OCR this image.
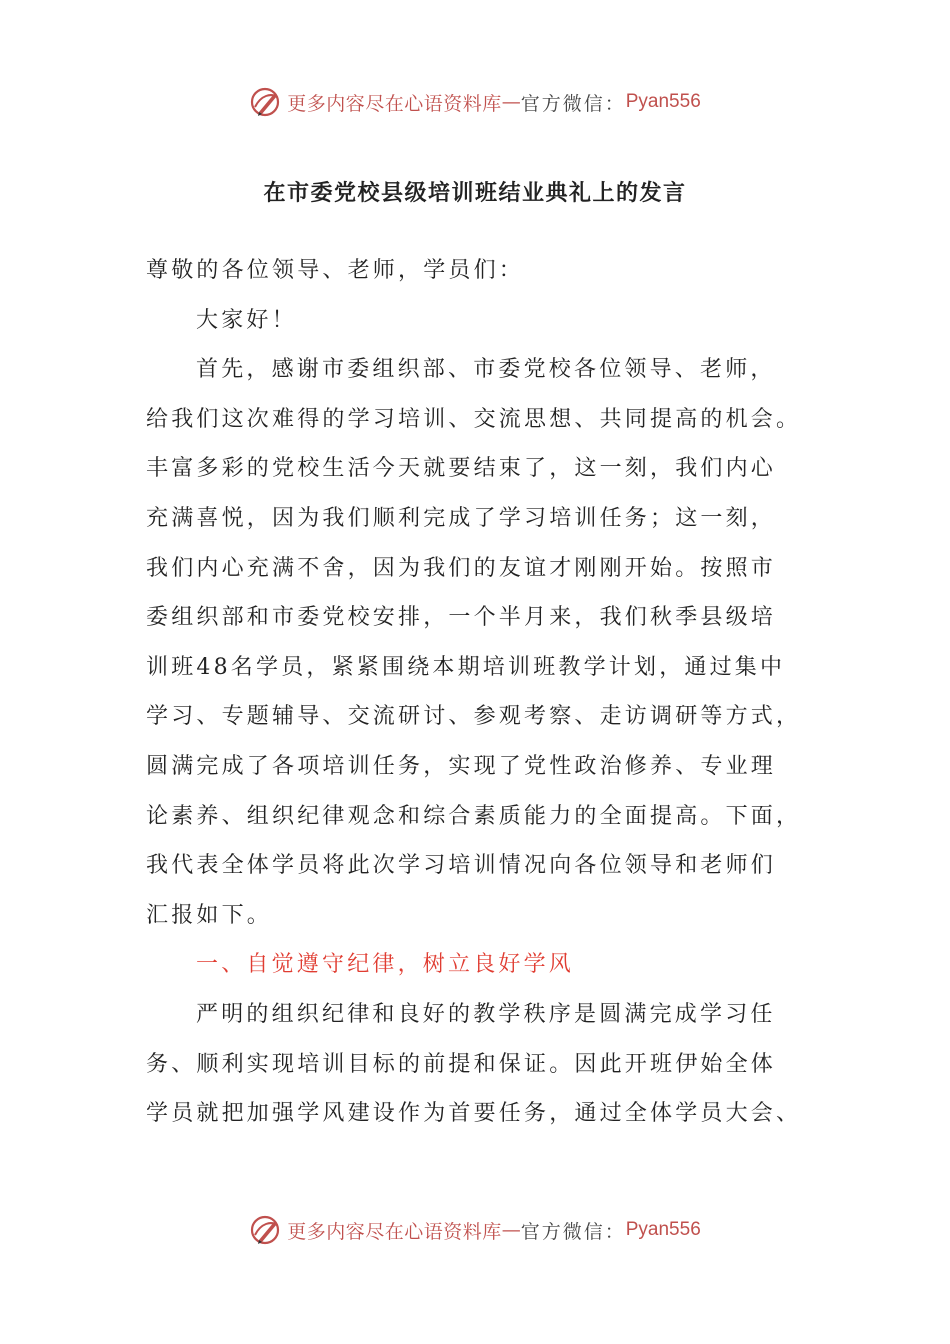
更多内容尽在心语资料库 — 官方微信： Pyan556
在市委党校县级培训班结业典礼上的发言
尊敬的各位领导、老师，学员们：
大家好！
首先，感谢市委组织部、市委党校各位领导、老师，
给我们这次难得的学习培训、交流思想、共同提高的机会。
丰富多彩的党校生活今天就要结束了，这一刻，我们内心
充满喜悦，因为我们顺利完成了学习培训任务；这一刻，
我们内心充满不舍，因为我们的友谊才刚刚开始。按照市
委组织部和市委党校安排，一个半月来，我们秋季县级培
训班48名学员，紧紧围绕本期培训班教学计划，通过集中
学习、专题辅导、交流研讨、参观考察、走访调研等方式，
圆满完成了各项培训任务，实现了党性政治修养、专业理
论素养、组织纪律观念和综合素质能力的全面提高。下面，
我代表全体学员将此次学习培训情况向各位领导和老师们
汇报如下。
一、自觉遵守纪律，树立良好学风
严明的组织纪律和良好的教学秩序是圆满完成学习任
务、顺利实现培训目标的前提和保证。因此开班伊始全体
学员就把加强学风建设作为首要任务，通过全体学员大会、
更多内容尽在心语资料库 — 官方微信： Pyan556
